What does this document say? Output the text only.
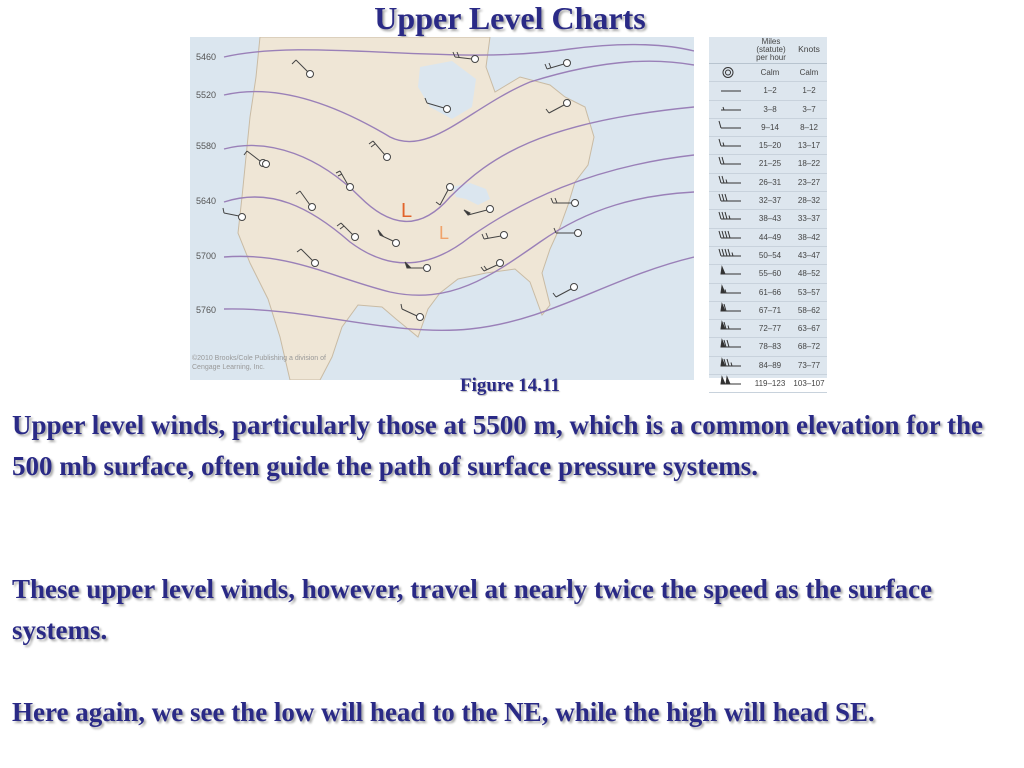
Upper Level Charts
5460
5520
5580
5640
5700
5760
L
L
©2010 Brooks/Cole Publishing a division of Cengage Learning, Inc.
Miles
(statute)
per hour
Knots
Calm	Calm
1–2	1–2
3–8	3–7
9–14	8–12
15–20	13–17
21–25	18–22
26–31	23–27
32–37	28–32
38–43	33–37
44–49	38–42
50–54	43–47
55–60	48–52
61–66	53–57
67–71	58–62
72–77	63–67
78–83	68–72
84–89	73–77
119–123	103–107
Figure 14.11

Upper level winds, particularly those at 5500 m, which is a common elevation for the 500 mb surface, often guide the path of surface pressure systems.

These upper level winds, however, travel at nearly twice the speed as the surface systems.

Here again, we see the low will head to the NE, while the high will head SE.
